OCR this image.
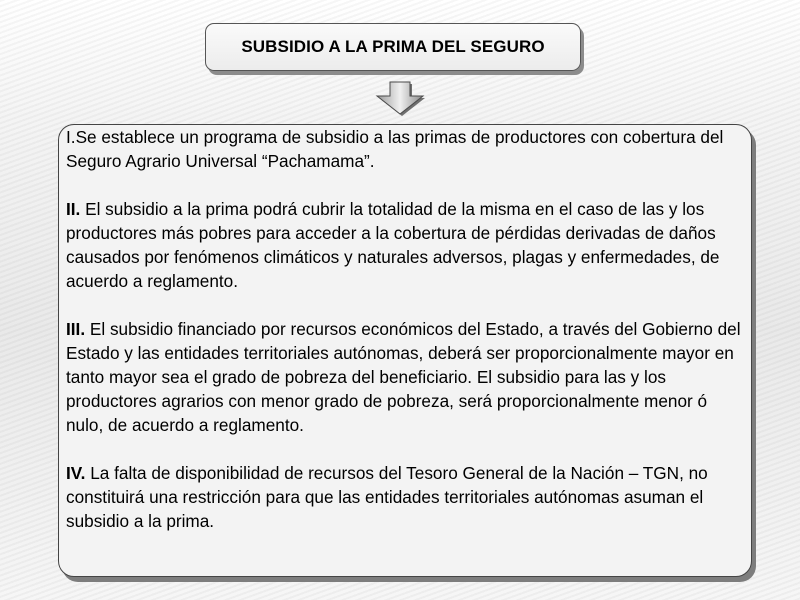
SUBSIDIO A LA PRIMA DEL SEGURO

I.Se establece un programa de subsidio a las primas de productores con cobertura del Seguro Agrario Universal “Pachamama”.

II. El subsidio a la prima podrá cubrir la totalidad de la misma en el caso de las y los productores más pobres para acceder a la cobertura de pérdidas derivadas de daños causados por fenómenos climáticos y naturales adversos, plagas y enfermedades, de acuerdo a reglamento.

III. El subsidio financiado por recursos económicos del Estado, a través del Gobierno del Estado y las entidades territoriales autónomas, deberá ser proporcionalmente mayor en tanto mayor sea el grado de pobreza del beneficiario. El subsidio para las y los productores agrarios con menor grado de pobreza, será proporcionalmente menor ó nulo, de acuerdo a reglamento.

IV. La falta de disponibilidad de recursos del Tesoro General de la Nación – TGN, no constituirá una restricción para que las entidades territoriales autónomas asuman el subsidio a la prima.
